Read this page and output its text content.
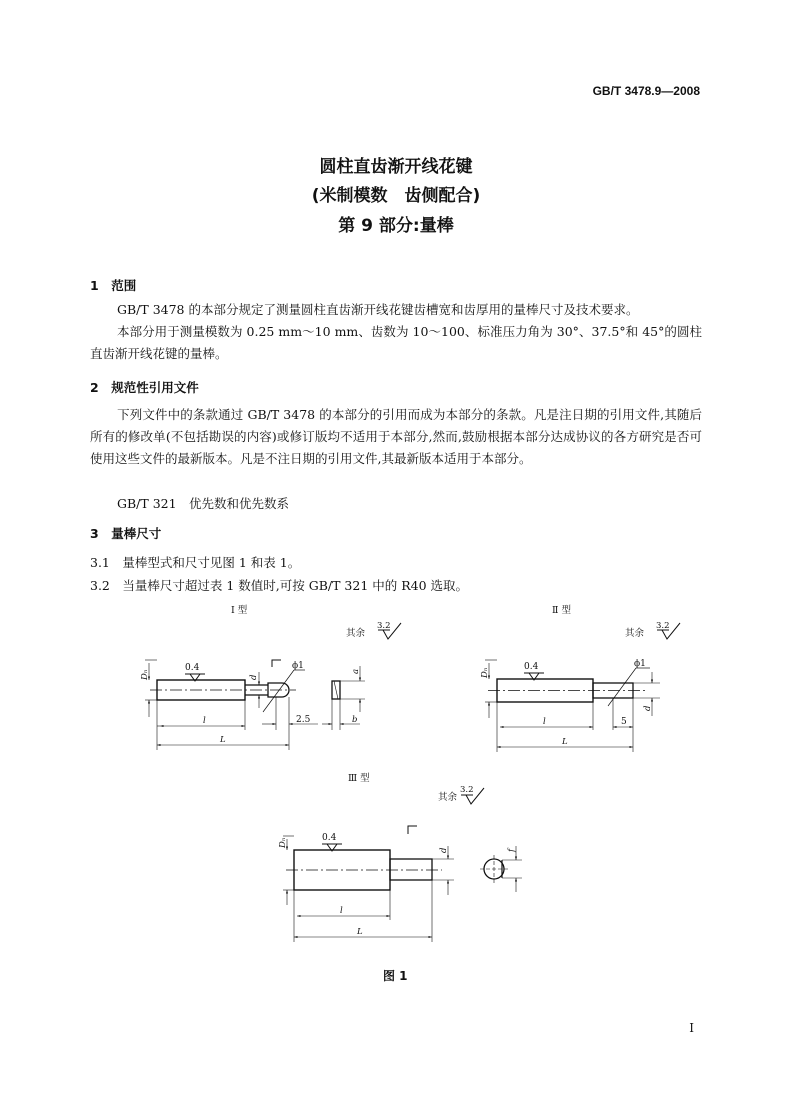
GB/T 3478.9—2008
圆柱直齿渐开线花键
(米制模数　齿侧配合)
第 9 部分:量棒
1　范围
GB/T 3478 的本部分规定了测量圆柱直齿渐开线花键齿槽宽和齿厚用的量棒尺寸及技术要求。
本部分用于测量模数为 0.25 mm～10 mm、齿数为 10～100、标准压力角为 30°、37.5°和 45°的圆柱直齿渐开线花键的量棒。
2　规范性引用文件
下列文件中的条款通过 GB/T 3478 的本部分的引用而成为本部分的条款。凡是注日期的引用文件,其随后所有的修改单(不包括勘误的内容)或修订版均不适用于本部分,然而,鼓励根据本部分达成协议的各方研究是否可使用这些文件的最新版本。凡是不注日期的引用文件,其最新版本适用于本部分。
GB/T 321　优先数和优先数系
3　量棒尺寸
3.1　量棒型式和尺寸见图 1 和表 1。
3.2　当量棒尺寸超过表 1 数值时,可按 GB/T 321 中的 R40 选取。
Ⅰ 型
其余
3.2
0.4
Dₙ	d
ϕ1
l
L
2.5
a
b
Ⅱ 型
其余
3.2
0.4
Dₙ
ϕ1
d
l	5
L
Ⅲ 型
其余
3.2
0.4
Dₙ
d
l
L
f
图 1
I
